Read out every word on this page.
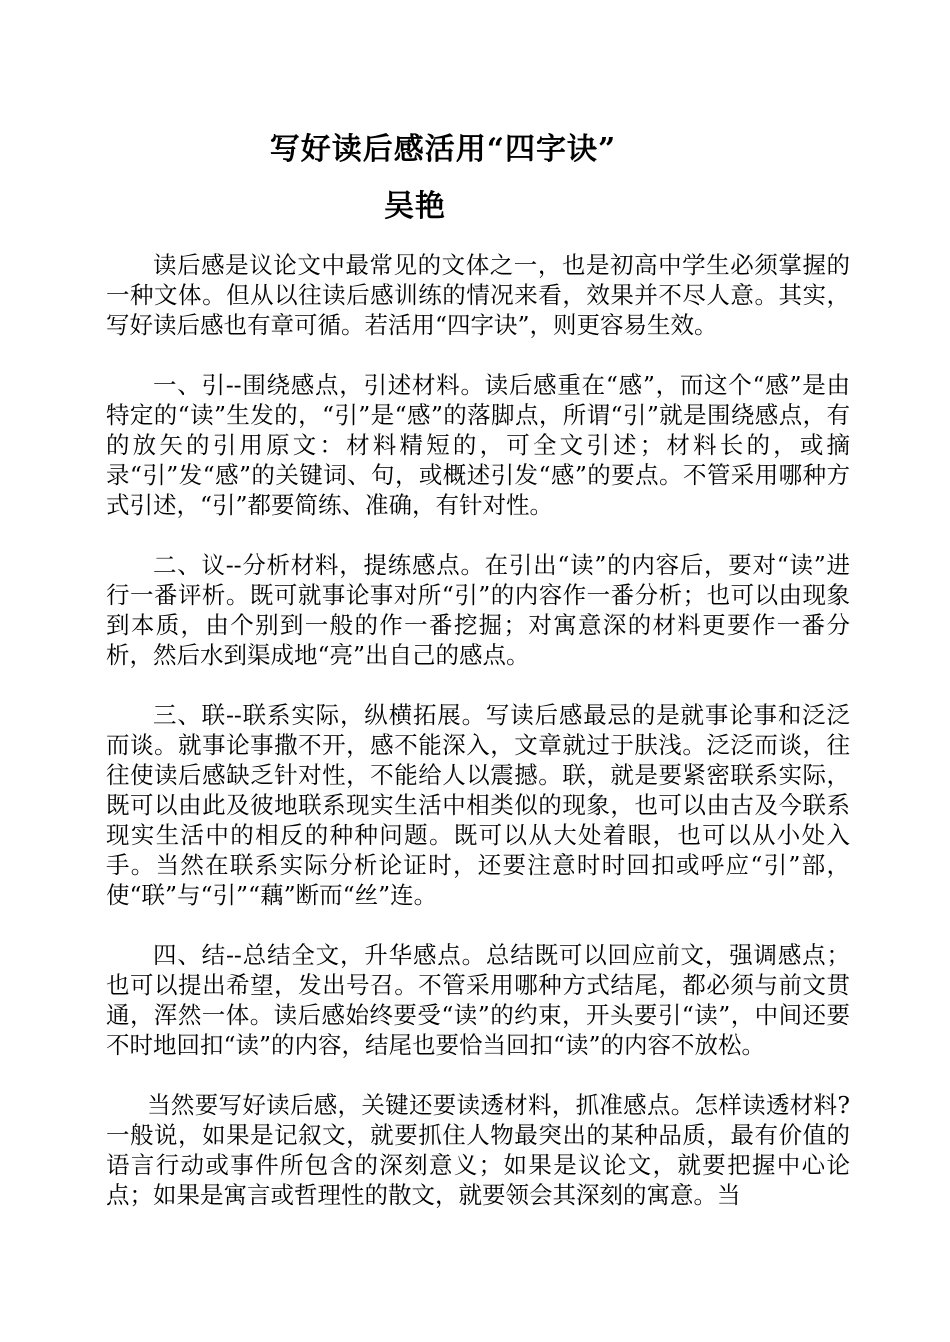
写好读后感活用“四字诀”
吴艳

读后感是议论文中最常见的文体之一，也是初高中学生必须掌握的一种文体。但从以往读后感训练的情况来看，效果并不尽人意。其实，写好读后感也有章可循。若活用“四字诀”，则更容易生效。

一、引--围绕感点，引述材料。读后感重在“感”，而这个“感”是由特定的“读”生发的，“引”是“感”的落脚点，所谓“引”就是围绕感点，有的放矢的引用原文：材料精短的，可全文引述；材料长的，或摘录“引”发“感”的关键词、句，或概述引发“感”的要点。不管采用哪种方式引述，“引”都要简练、准确，有针对性。

二、议--分析材料，提练感点。在引出“读”的内容后，要对“读”进行一番评析。既可就事论事对所“引”的内容作一番分析；也可以由现象到本质，由个别到一般的作一番挖掘；对寓意深的材料更要作一番分析，然后水到渠成地“亮”出自己的感点。

三、联--联系实际，纵横拓展。写读后感最忌的是就事论事和泛泛而谈。就事论事撒不开，感不能深入，文章就过于肤浅。泛泛而谈，往往使读后感缺乏针对性，不能给人以震撼。联，就是要紧密联系实际，既可以由此及彼地联系现实生活中相类似的现象，也可以由古及今联系现实生活中的相反的种种问题。既可以从大处着眼，也可以从小处入手。当然在联系实际分析论证时，还要注意时时回扣或呼应“引”部，使“联”与“引”“藕”断而“丝”连。

四、结--总结全文，升华感点。总结既可以回应前文，强调感点；也可以提出希望，发出号召。不管采用哪种方式结尾，都必须与前文贯通，浑然一体。读后感始终要受“读”的约束，开头要引“读”，中间还要不时地回扣“读”的内容，结尾也要恰当回扣“读”的内容不放松。

当然要写好读后感，关键还要读透材料，抓准感点。怎样读透材料?一般说，如果是记叙文，就要抓住人物最突出的某种品质，最有价值的语言行动或事件所包含的深刻意义；如果是议论文，就要把握中心论点；如果是寓言或哲理性的散文，就要领会其深刻的寓意。当
